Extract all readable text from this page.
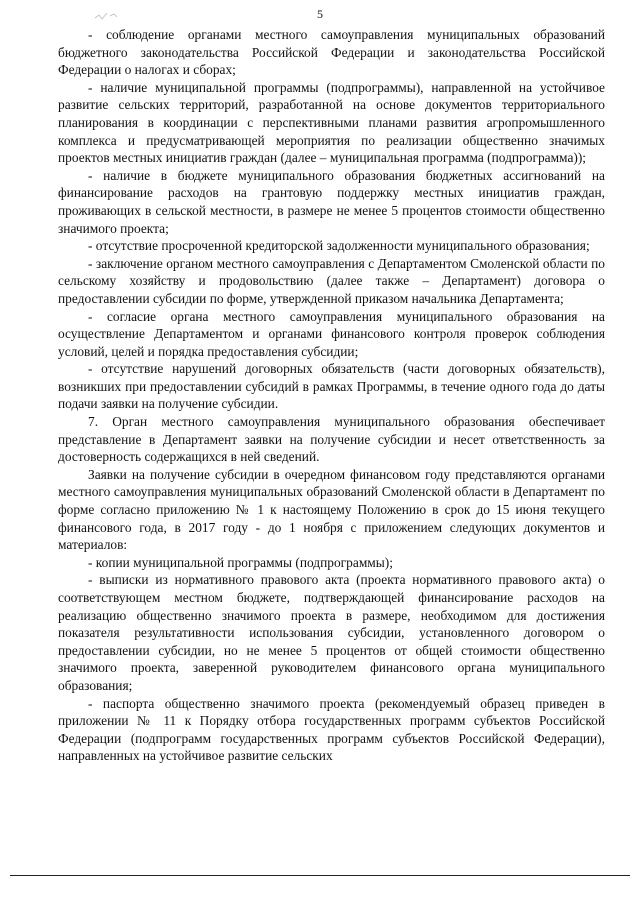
5

- соблюдение органами местного самоуправления муниципальных образований бюджетного законодательства Российской Федерации и законодательства Российской Федерации о налогах и сборах;

- наличие муниципальной программы (подпрограммы), направленной на устойчивое развитие сельских территорий, разработанной на основе документов территориального планирования в координации с перспективными планами развития агропромышленного комплекса и предусматривающей мероприятия по реализации общественно значимых проектов местных инициатив граждан (далее – муниципальная программа (подпрограмма));

- наличие в бюджете муниципального образования бюджетных ассигнований на финансирование расходов на грантовую поддержку местных инициатив граждан, проживающих в сельской местности, в размере не менее 5 процентов стоимости общественно значимого проекта;

- отсутствие просроченной кредиторской задолженности муниципального образования;

- заключение органом местного самоуправления с Департаментом Смоленской области по сельскому хозяйству и продовольствию (далее также – Департамент) договора о предоставлении субсидии по форме, утвержденной приказом начальника Департамента;

- согласие органа местного самоуправления муниципального образования на осуществление Департаментом и органами финансового контроля проверок соблюдения условий, целей и порядка предоставления субсидии;

- отсутствие нарушений договорных обязательств (части договорных обязательств), возникших при предоставлении субсидий в рамках Программы, в течение одного года до даты подачи заявки на получение субсидии.

7. Орган местного самоуправления муниципального образования обеспечивает представление в Департамент заявки на получение субсидии и несет ответственность за достоверность содержащихся в ней сведений.

Заявки на получение субсидии в очередном финансовом году представляются органами местного самоуправления муниципальных образований Смоленской области в Департамент по форме согласно приложению № 1 к настоящему Положению в срок до 15 июня текущего финансового года, в 2017 году - до 1 ноября с приложением следующих документов и материалов:

- копии муниципальной программы (подпрограммы);

- выписки из нормативного правового акта (проекта нормативного правового акта) о соответствующем местном бюджете, подтверждающей финансирование расходов на реализацию общественно значимого проекта в размере, необходимом для достижения показателя результативности использования субсидии, установленного договором о предоставлении субсидии, но не менее 5 процентов от общей стоимости общественно значимого проекта, заверенной руководителем финансового органа муниципального образования;

- паспорта общественно значимого проекта (рекомендуемый образец приведен в приложении № 11 к Порядку отбора государственных программ субъектов Российской Федерации (подпрограмм государственных программ субъектов Российской Федерации), направленных на устойчивое развитие сельских
